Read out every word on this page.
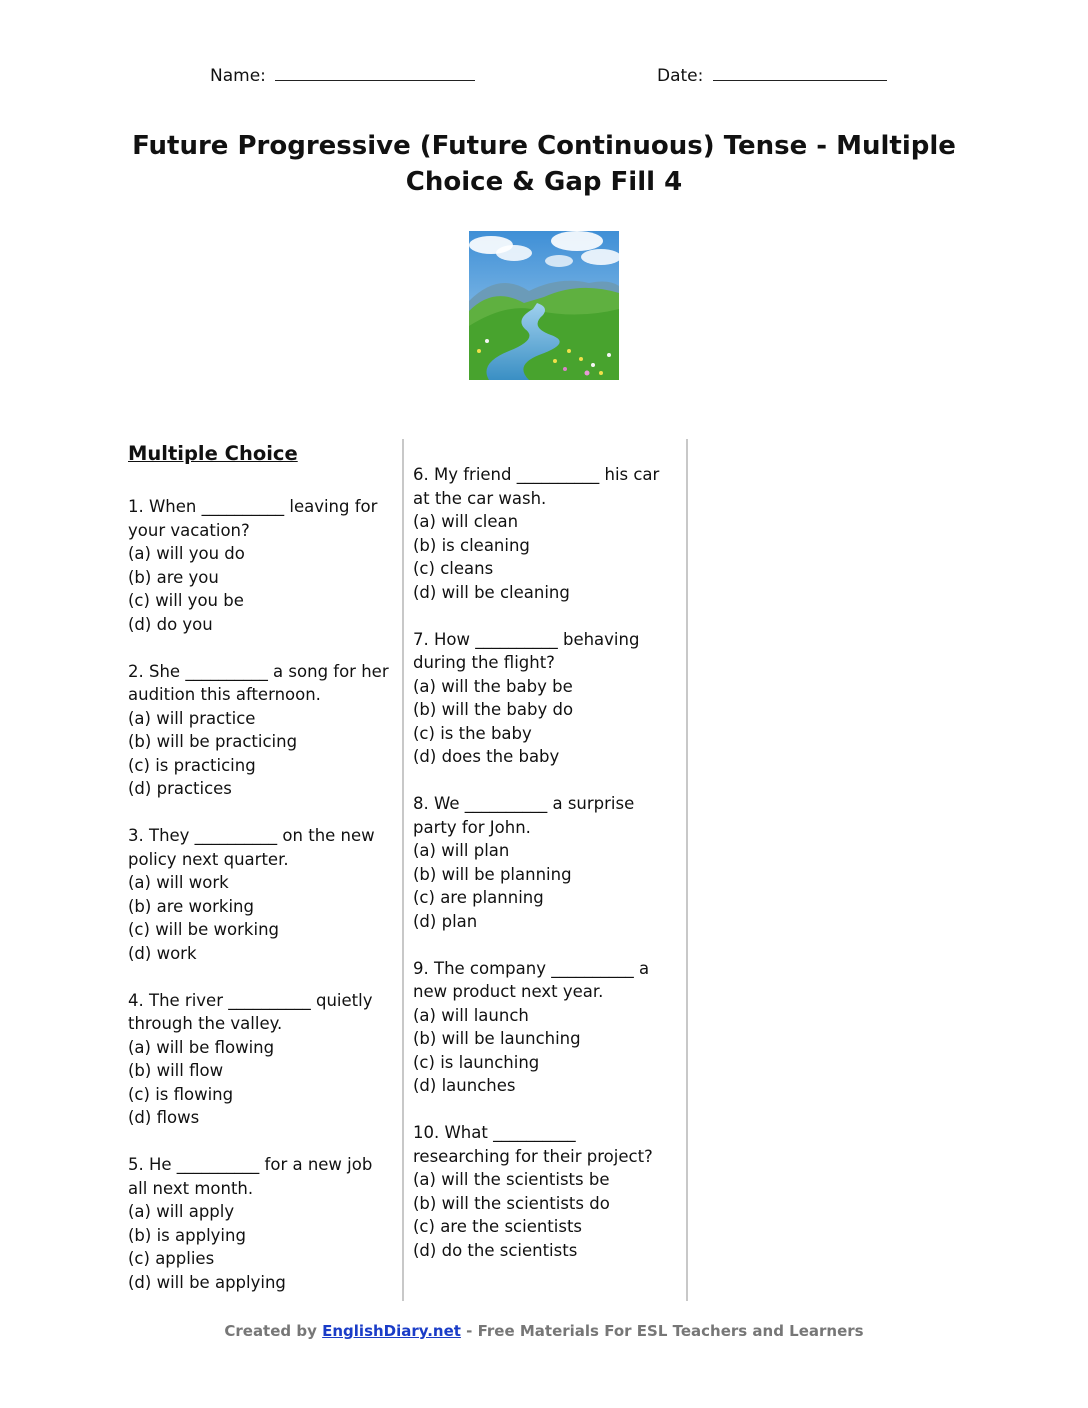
Name:	Date:
Future Progressive (Future Continuous) Tense - Multiple Choice & Gap Fill 4
Multiple Choice

1. When __________ leaving for your vacation?

(a) will you do
(b) are you
(c) will you be
(d) do you

2. She __________ a song for her audition this afternoon.

(a) will practice
(b) will be practicing
(c) is practicing
(d) practices

3. They __________ on the new policy next quarter.

(a) will work
(b) are working
(c) will be working
(d) work

4. The river __________ quietly through the valley.

(a) will be flowing
(b) will flow
(c) is flowing
(d) flows

5. He __________ for a new job all next month.

(a) will apply
(b) is applying
(c) applies
(d) will be applying

6. My friend __________ his car at the car wash.

(a) will clean
(b) is cleaning
(c) cleans
(d) will be cleaning

7. How __________ behaving during the flight?

(a) will the baby be
(b) will the baby do
(c) is the baby
(d) does the baby

8. We __________ a surprise party for John.

(a) will plan
(b) will be planning
(c) are planning
(d) plan

9. The company __________ a new product next year.

(a) will launch
(b) will be launching
(c) is launching
(d) launches

10. What __________ researching for their project?

(a) will the scientists be
(b) will the scientists do
(c) are the scientists
(d) do the scientists
Created by EnglishDiary.net - Free Materials For ESL Teachers and Learners
